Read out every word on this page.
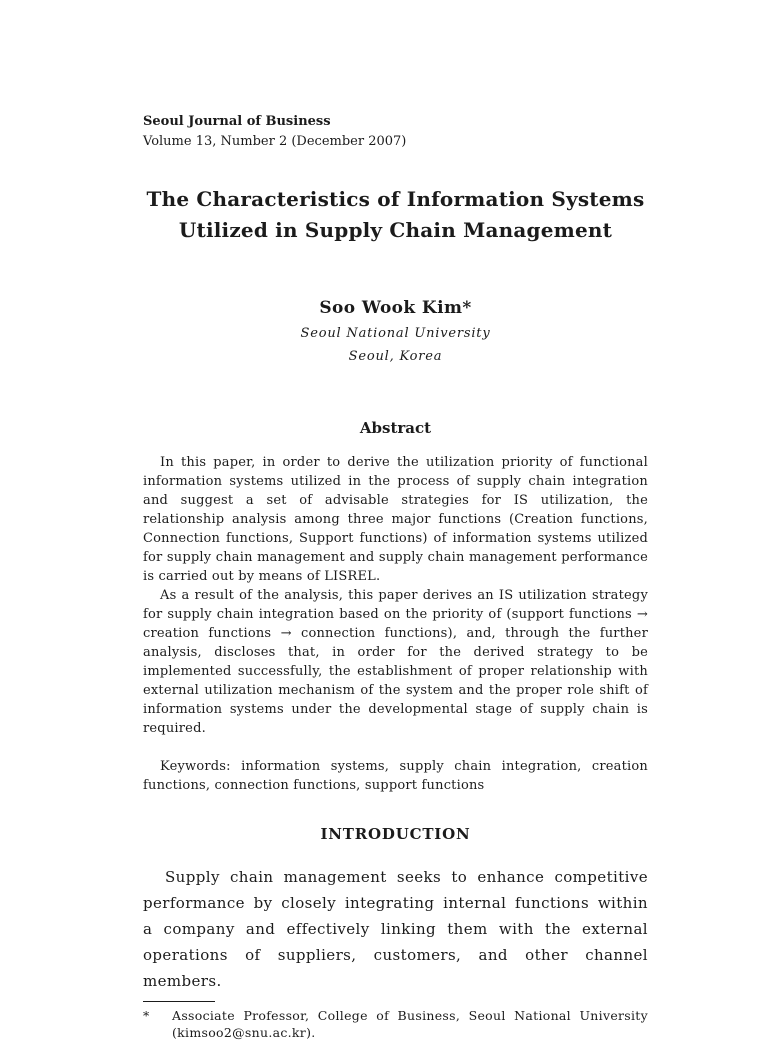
Seoul Journal of Business
Volume 13, Number 2 (December 2007)
The Characteristics of Information Systems
Utilized in Supply Chain Management
Soo Wook Kim*
Seoul National University
Seoul, Korea
Abstract

In this paper, in order to derive the utilization priority of functional information systems utilized in the process of supply chain integration and suggest a set of advisable strategies for IS utilization, the relationship analysis among three major functions (Creation functions, Connection functions, Support functions) of information systems utilized for supply chain management and supply chain management performance is carried out by means of LISREL.

As a result of the analysis, this paper derives an IS utilization strategy for supply chain integration based on the priority of (support functions → creation functions → connection functions), and, through the further analysis, discloses that, in order for the derived strategy to be implemented successfully, the establishment of proper relationship with external utilization mechanism of the system and the proper role shift of information systems under the developmental stage of supply chain is required.

Keywords: information systems, supply chain integration, creation functions, connection functions, support functions

INTRODUCTION

Supply chain management seeks to enhance competitive performance by closely integrating internal functions within a company and effectively linking them with the external operations of suppliers, customers, and other channel members.

*	Associate Professor, College of Business, Seoul National University (kimsoo2@snu.ac.kr).
